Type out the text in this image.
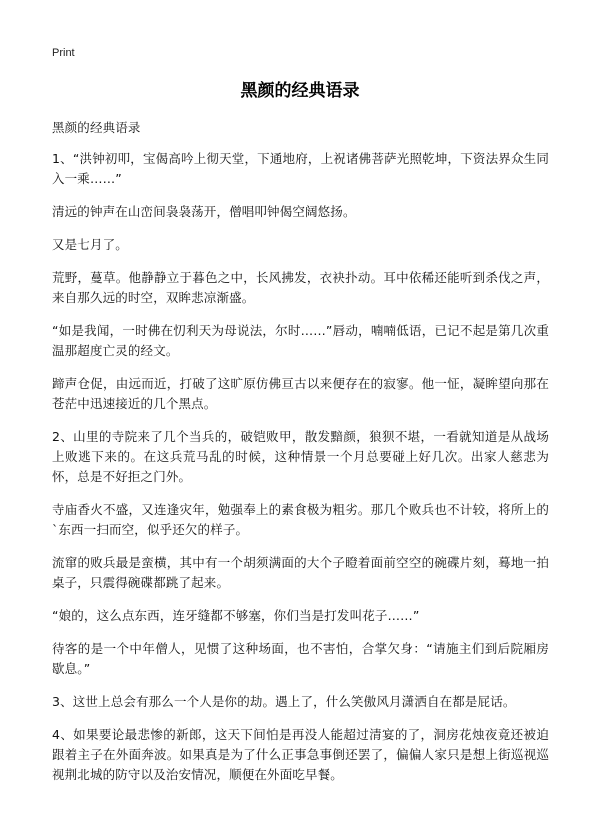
Print
黑颜的经典语录

黑颜的经典语录

1、“洪钟初叩，宝偈高吟上彻天堂，下通地府，上祝诸佛菩萨光照乾坤，下资法界众生同入一乘……”

清远的钟声在山峦间袅袅荡开，僧唱叩钟偈空阔悠扬。

又是七月了。

荒野，蔓草。他静静立于暮色之中，长风拂发，衣袂扑动。耳中依稀还能听到杀伐之声，来自那久远的时空，双眸悲凉渐盛。

“如是我闻，一时佛在忉利天为母说法，尔时……”唇动，喃喃低语，已记不起是第几次重温那超度亡灵的经文。

蹄声仓促，由远而近，打破了这旷原仿佛亘古以来便存在的寂寥。他一怔，凝眸望向那在苍茫中迅速接近的几个黑点。

2、山里的寺院来了几个当兵的，破铠败甲，散发黯颜，狼狈不堪，一看就知道是从战场上败逃下来的。在这兵荒马乱的时候，这种情景一个月总要碰上好几次。出家人慈悲为怀，总是不好拒之门外。

寺庙香火不盛，又连逢灾年，勉强奉上的素食极为粗劣。那几个败兵也不计较，将所上的`东西一扫而空，似乎还欠的样子。

流窜的败兵最是蛮横，其中有一个胡须满面的大个子瞪着面前空空的碗碟片刻，蓦地一拍桌子，只震得碗碟都跳了起来。

“娘的，这么点东西，连牙缝都不够塞，你们当是打发叫花子……”

待客的是一个中年僧人，见惯了这种场面，也不害怕，合掌欠身：“请施主们到后院厢房歇息。”

3、这世上总会有那么一个人是你的劫。遇上了，什么笑傲风月潇洒自在都是屁话。

4、如果要论最悲惨的新郎，这天下间怕是再没人能超过清宴的了，洞房花烛夜竟还被迫跟着主子在外面奔波。如果真是为了什么正事急事倒还罢了，偏偏人家只是想上街巡视巡视荆北城的防守以及治安情况，顺便在外面吃早餐。
